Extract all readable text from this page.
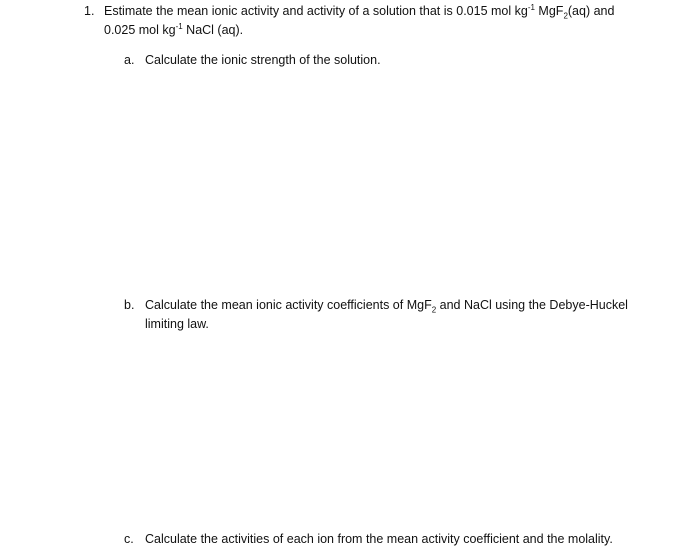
1. Estimate the mean ionic activity and activity of a solution that is 0.015 mol $kg^{-1}$ MgF$_2$(aq) and
0.025 mol $kg^{-1}$ NaCl (aq).
a. Calculate the ionic strength of the solution.
b. Calculate the mean ionic activity coefficients of MgF$_2$ and NaCl using the Debye-Huckel
limiting law.
c. Calculate the activities of each ion from the mean activity coefficient and the molality.
